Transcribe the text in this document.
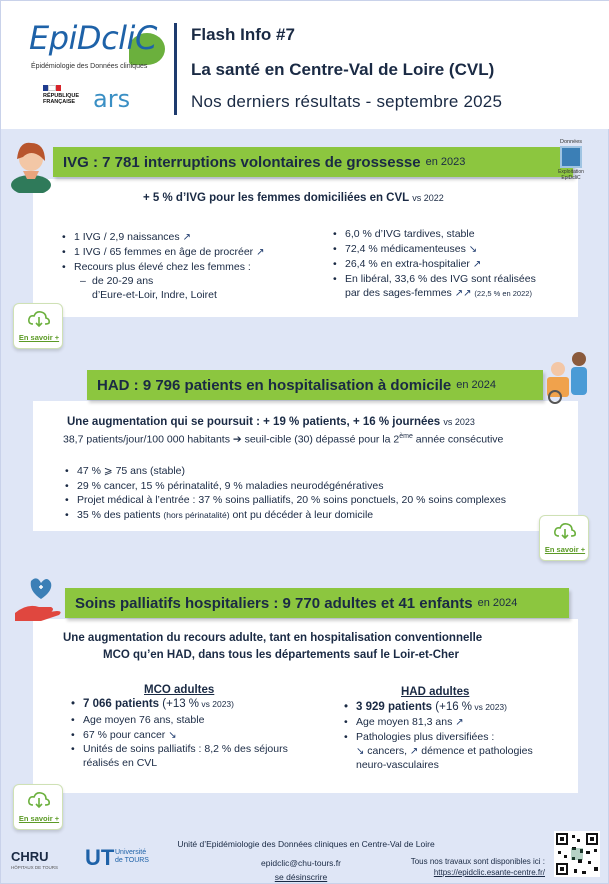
EpiDcliC
Épidémiologie des Données cliniques
RÉPUBLIQUE FRANÇAISE ars
Flash Info #7
La santé en Centre-Val de Loire (CVL)
Nos derniers résultats - septembre 2025
IVG : 7 781 interruptions volontaires de grossesse en 2023
Données
Exploitation
EpiDcliC
+ 5 % d’IVG pour les femmes domiciliées en CVL vs 2022
• 1 IVG / 2,9 naissances ↗
• 1 IVG / 65 femmes en âge de procréer ↗
• Recours plus élevé chez les femmes :
– de 20-29 ans
d’Eure-et-Loir, Indre, Loiret
• 6,0 % d’IVG tardives, stable
• 72,4 % médicamenteuses ↘
• 26,4 % en extra-hospitalier ↗
• En libéral, 33,6 % des IVG sont réalisées
par des sages-femmes ↗↗ (22,5 % en 2022)
En savoir +
HAD : 9 796 patients en hospitalisation à domicile en 2024
Une augmentation qui se poursuit : + 19 % patients, + 16 % journées vs 2023
38,7 patients/jour/100 000 habitants ➔ seuil-cible (30) dépassé pour la 2ème année consécutive
• 47 % ⩾ 75 ans (stable)
• 29 % cancer, 15 % périnatalité, 9 % maladies neurodégénératives
• Projet médical à l’entrée : 37 % soins palliatifs, 20 % soins ponctuels, 20 % soins complexes
• 35 % des patients (hors périnatalité) ont pu décéder à leur domicile
En savoir +
Soins palliatifs hospitaliers : 9 770 adultes et 41 enfants en 2024
Une augmentation du recours adulte, tant en hospitalisation conventionnelle
MCO qu’en HAD, dans tous les départements sauf le Loir-et-Cher
MCO adultes
• 7 066 patients (+13 % vs 2023)
• Age moyen 76 ans, stable
• 67 % pour cancer ↘
• Unités de soins palliatifs : 8,2 % des séjours
réalisés en CVL
HAD adultes
• 3 929 patients (+16 % vs 2023)
• Age moyen 81,3 ans ↗
• Pathologies plus diversifiées :
↘ cancers, ↗ démence et pathologies
neuro-vasculaires
En savoir +
CHRU
HÔPITAUX DE TOURS UT Université
de TOURS
Unité d’Epidémiologie des Données cliniques en Centre-Val de Loire
epidclic@chu-tours.fr
se désinscrire
Tous nos travaux sont disponibles ici :
https://epidclic.esante-centre.fr/
